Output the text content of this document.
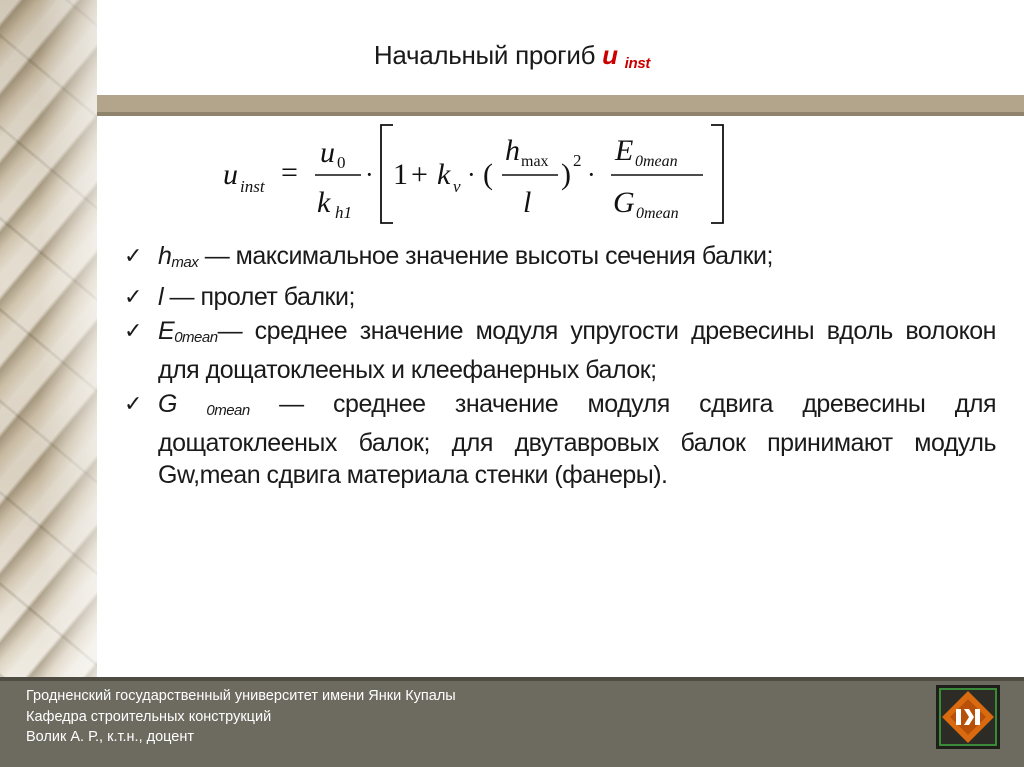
Начальный прогиб u $_{inst}$
u inst =
u 0
k h1
· 1 + k v · (
h max
l
) 2 ·
E 0mean
G 0mean
✓ $h_{max}$ — максимальное значение высоты сечения балки;
✓ l — пролет балки;
✓ $E_{0mean}—$ среднее значение модуля упругости древесины вдоль волокон для дощатоклееных и клеефанерных балок;
✓ G $_{0mean}$ — среднее значение модуля сдвига древесины для дощатоклееных балок; для двутавровых балок принимают модуль Gw,mean сдвига материала стенки (фанеры).
Гродненский государственный университет имени Янки Купалы
Кафедра строительных конструкций
Волик А. Р., к.т.н., доцент
